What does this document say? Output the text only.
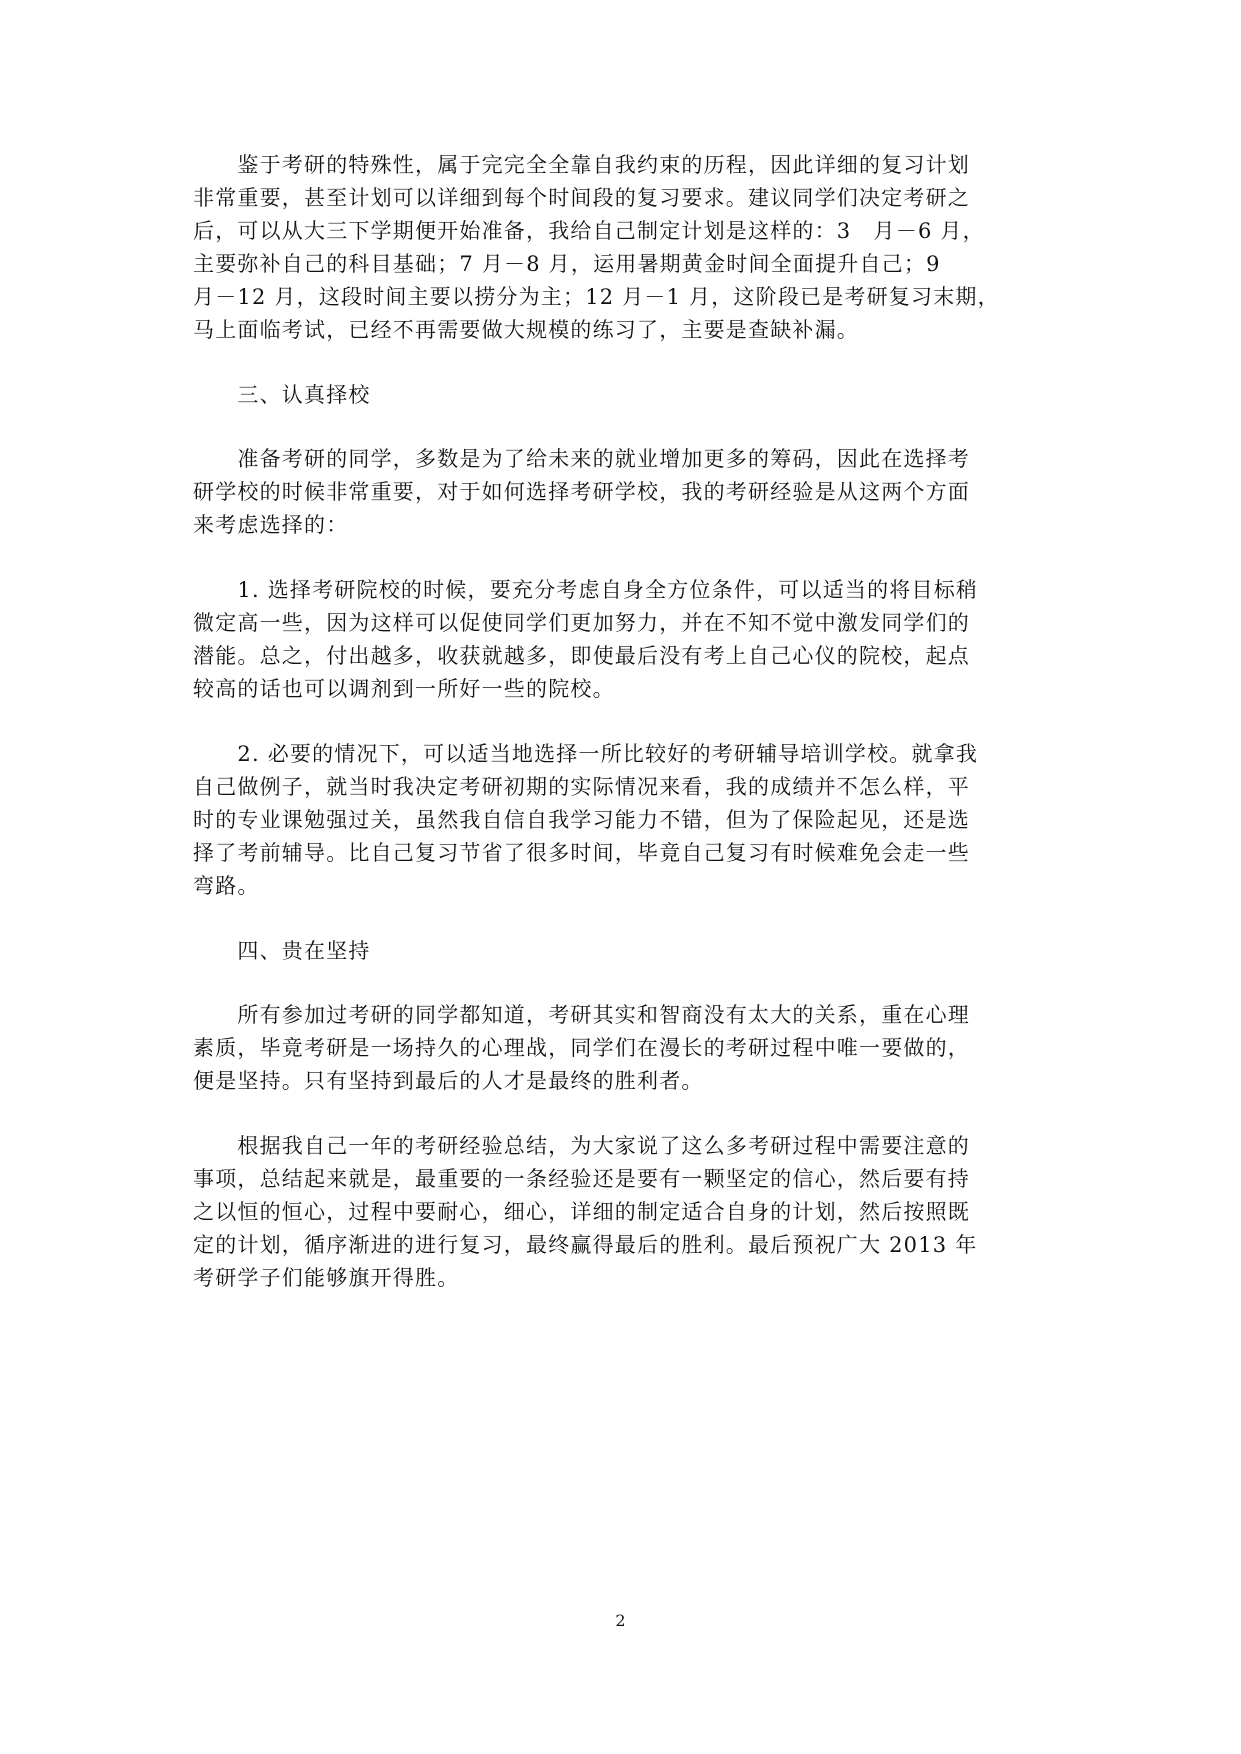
　　鉴于考研的特殊性，属于完完全全靠自我约束的历程，因此详细的复习计划
非常重要，甚至计划可以详细到每个时间段的复习要求。建议同学们决定考研之
后，可以从大三下学期便开始准备，我给自己制定计划是这样的：3　月－6 月，
主要弥补自己的科目基础；7 月－8 月，运用暑期黄金时间全面提升自己；9
月－12 月，这段时间主要以捞分为主；12 月－1 月，这阶段已是考研复习末期，
马上面临考试，已经不再需要做大规模的练习了，主要是查缺补漏。

　　三、认真择校

　　准备考研的同学，多数是为了给未来的就业增加更多的筹码，因此在选择考
研学校的时候非常重要，对于如何选择考研学校，我的考研经验是从这两个方面
来考虑选择的：

　　1. 选择考研院校的时候，要充分考虑自身全方位条件，可以适当的将目标稍
微定高一些，因为这样可以促使同学们更加努力，并在不知不觉中激发同学们的
潜能。总之，付出越多，收获就越多，即使最后没有考上自己心仪的院校，起点
较高的话也可以调剂到一所好一些的院校。

　　2. 必要的情况下，可以适当地选择一所比较好的考研辅导培训学校。就拿我
自己做例子，就当时我决定考研初期的实际情况来看，我的成绩并不怎么样，平
时的专业课勉强过关，虽然我自信自我学习能力不错，但为了保险起见，还是选
择了考前辅导。比自己复习节省了很多时间，毕竟自己复习有时候难免会走一些
弯路。

　　四、贵在坚持

　　所有参加过考研的同学都知道，考研其实和智商没有太大的关系，重在心理
素质，毕竟考研是一场持久的心理战，同学们在漫长的考研过程中唯一要做的，
便是坚持。只有坚持到最后的人才是最终的胜利者。

　　根据我自己一年的考研经验总结，为大家说了这么多考研过程中需要注意的
事项，总结起来就是，最重要的一条经验还是要有一颗坚定的信心，然后要有持
之以恒的恒心，过程中要耐心，细心，详细的制定适合自身的计划，然后按照既
定的计划，循序渐进的进行复习，最终赢得最后的胜利。最后预祝广大 2013 年
考研学子们能够旗开得胜。

2
